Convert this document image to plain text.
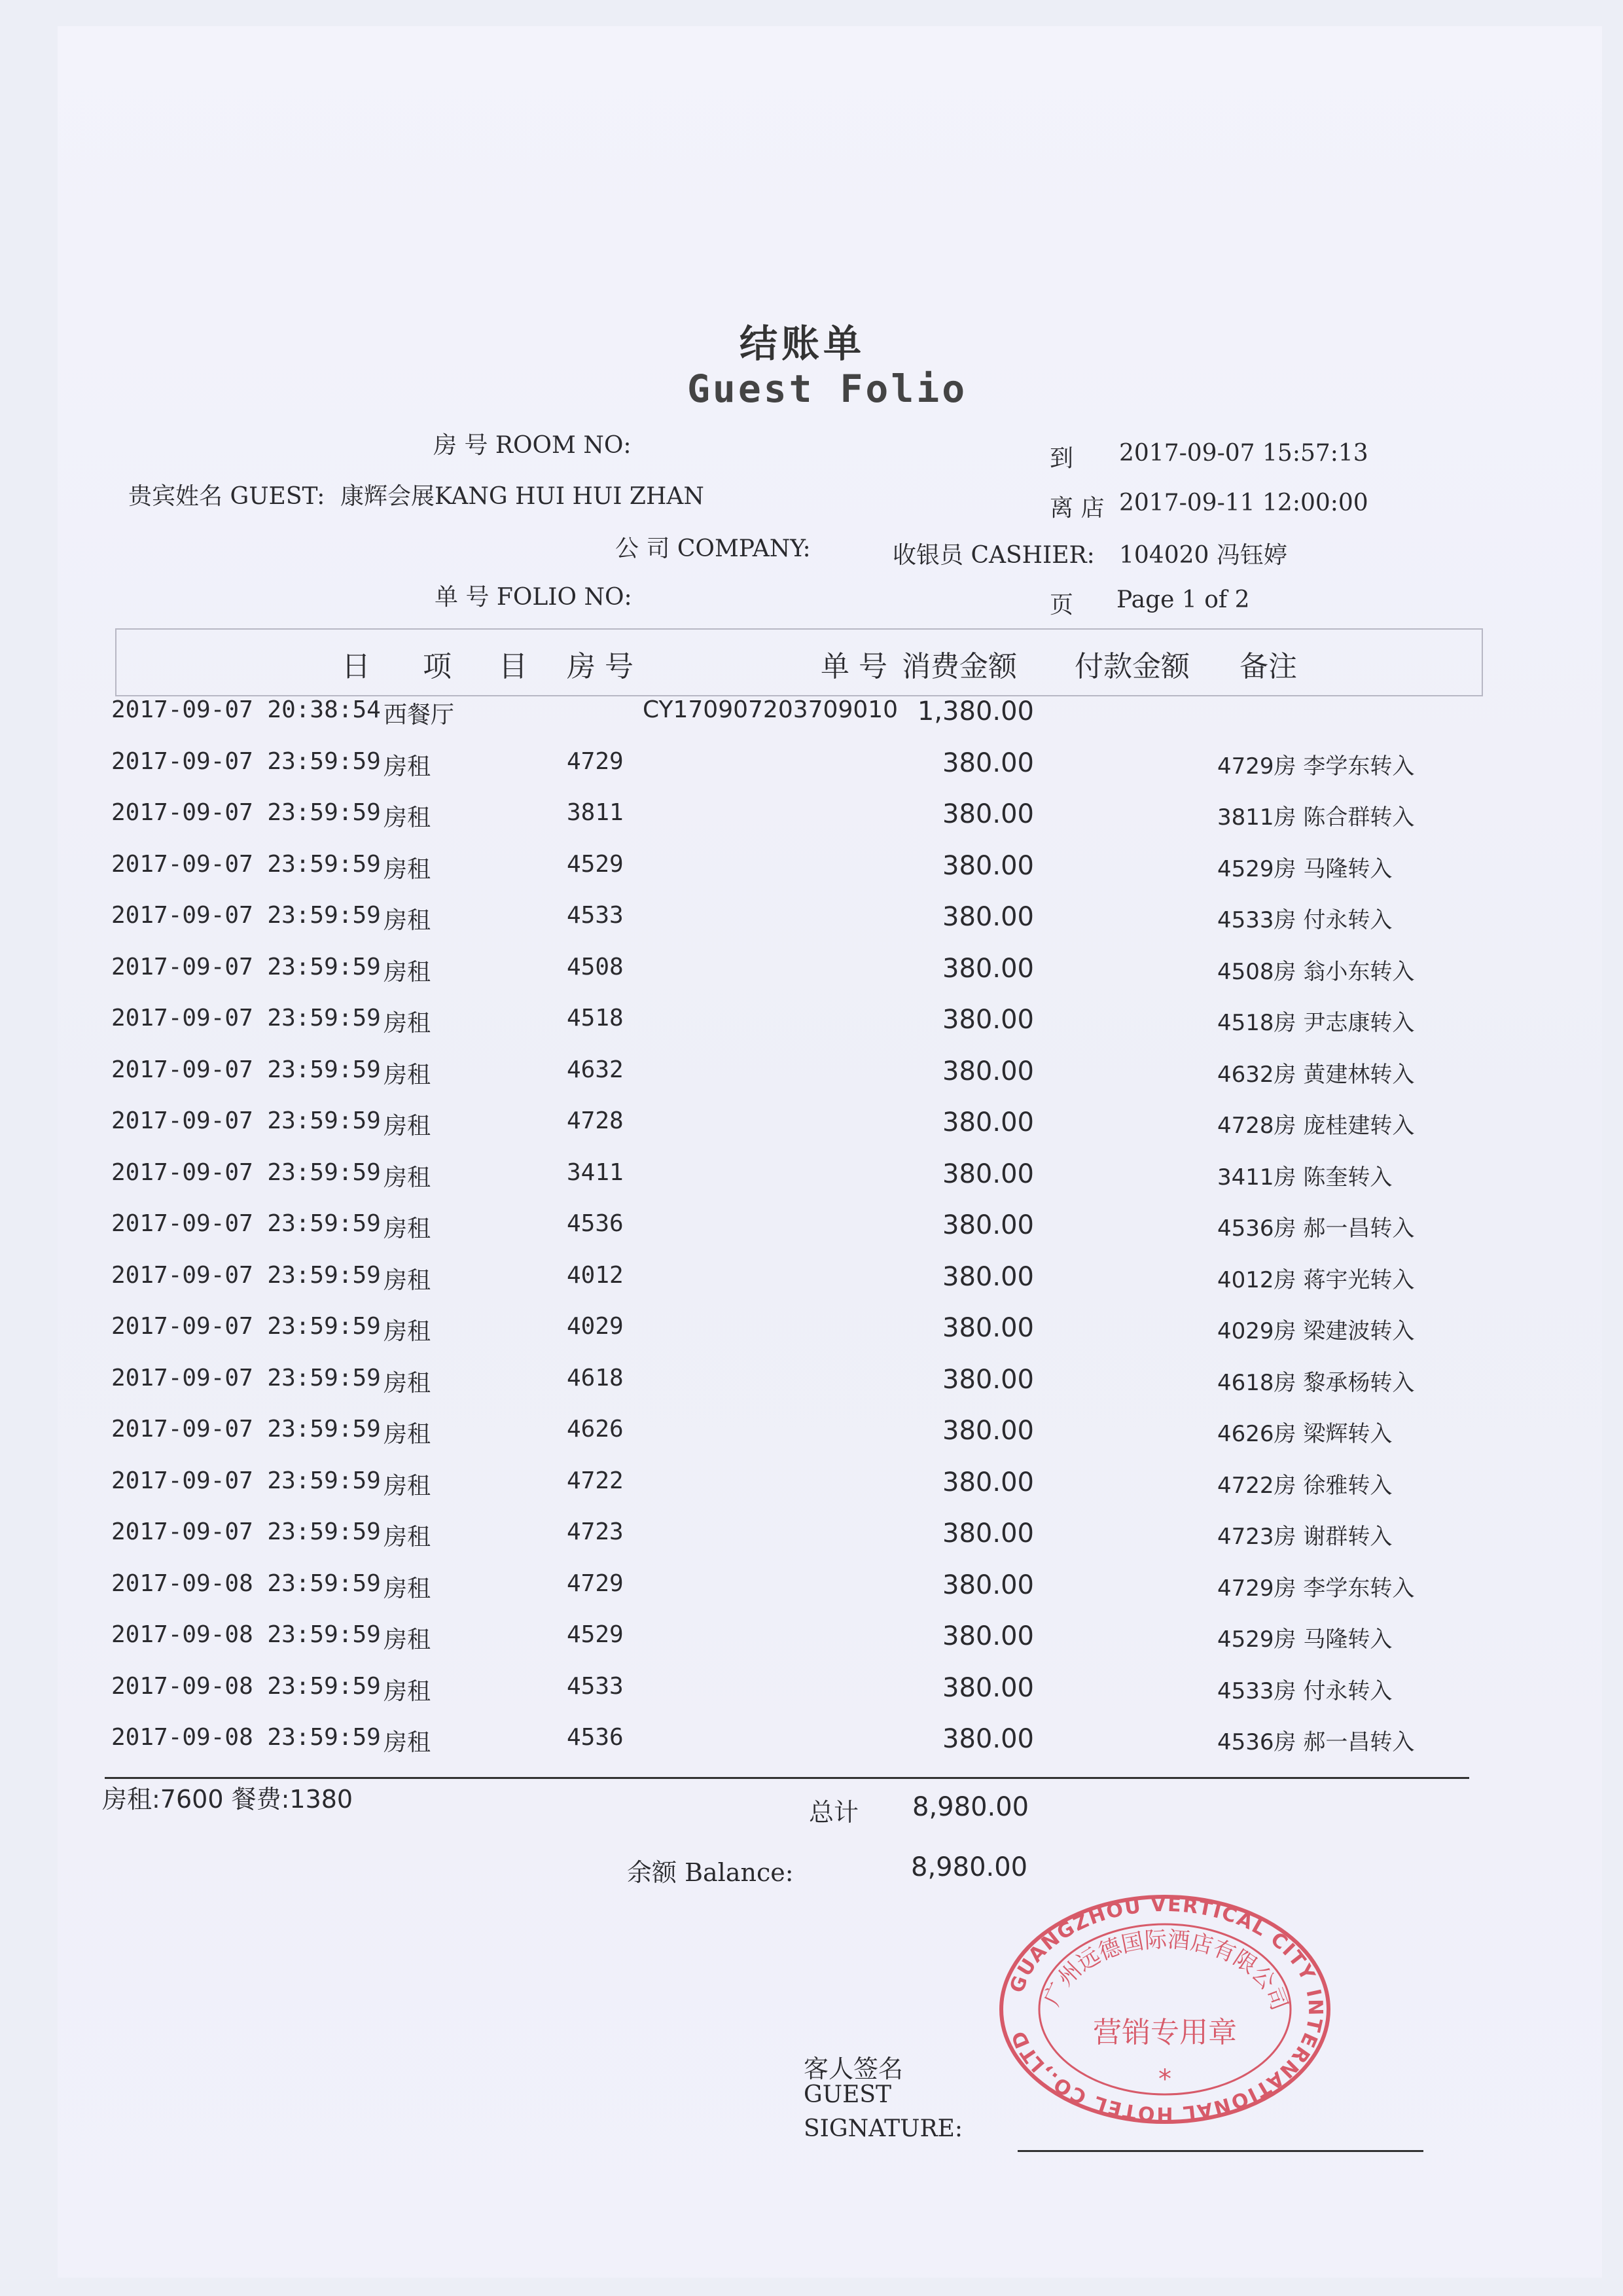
结账单
Guest Folio
房 号 ROOM NO:
贵宾姓名 GUEST: 康辉会展KANG HUI HUI ZHAN
公 司 COMPANY:
单 号 FOLIO NO:
到 2017-09-07 15:57:13
离 店 2017-09-11 12:00:00
收银员 CASHIER: 104020 冯钰婷
页 Page 1 of 2
日 项 目 房 号	单 号 消费金额 付款金额 备注
2017-09-07 20:38:54 西餐厅	CY170907203709010 1,380.00
2017-09-07 23:59:59 房租	4729	380.00	4729房 李学东转入
2017-09-07 23:59:59 房租	3811	380.00	3811房 陈合群转入
2017-09-07 23:59:59 房租	4529	380.00	4529房 马隆转入
2017-09-07 23:59:59 房租	4533	380.00	4533房 付永转入
2017-09-07 23:59:59 房租	4508	380.00	4508房 翁小东转入
2017-09-07 23:59:59 房租	4518	380.00	4518房 尹志康转入
2017-09-07 23:59:59 房租	4632	380.00	4632房 黄建林转入
2017-09-07 23:59:59 房租	4728	380.00	4728房 庞桂建转入
2017-09-07 23:59:59 房租	3411	380.00	3411房 陈奎转入
2017-09-07 23:59:59 房租	4536	380.00	4536房 郝一昌转入
2017-09-07 23:59:59 房租	4012	380.00	4012房 蒋宇光转入
2017-09-07 23:59:59 房租	4029	380.00	4029房 梁建波转入
2017-09-07 23:59:59 房租	4618	380.00	4618房 黎承杨转入
2017-09-07 23:59:59 房租	4626	380.00	4626房 梁辉转入
2017-09-07 23:59:59 房租	4722	380.00	4722房 徐雅转入
2017-09-07 23:59:59 房租	4723	380.00	4723房 谢群转入
2017-09-08 23:59:59 房租	4729	380.00	4729房 李学东转入
2017-09-08 23:59:59 房租	4529	380.00	4529房 马隆转入
2017-09-08 23:59:59 房租	4533	380.00	4533房 付永转入
2017-09-08 23:59:59 房租	4536	380.00	4536房 郝一昌转入
房租:7600 餐费:1380	总计 8,980.00
余额 Balance:	8,980.00
客人签名
GUEST
SIGNATURE:
GUANGZHOU VERTICAL CITY INTERNATIONAL HOTEL CO.,LTD
广州远德国际酒店有限公司
营销专用章
*
